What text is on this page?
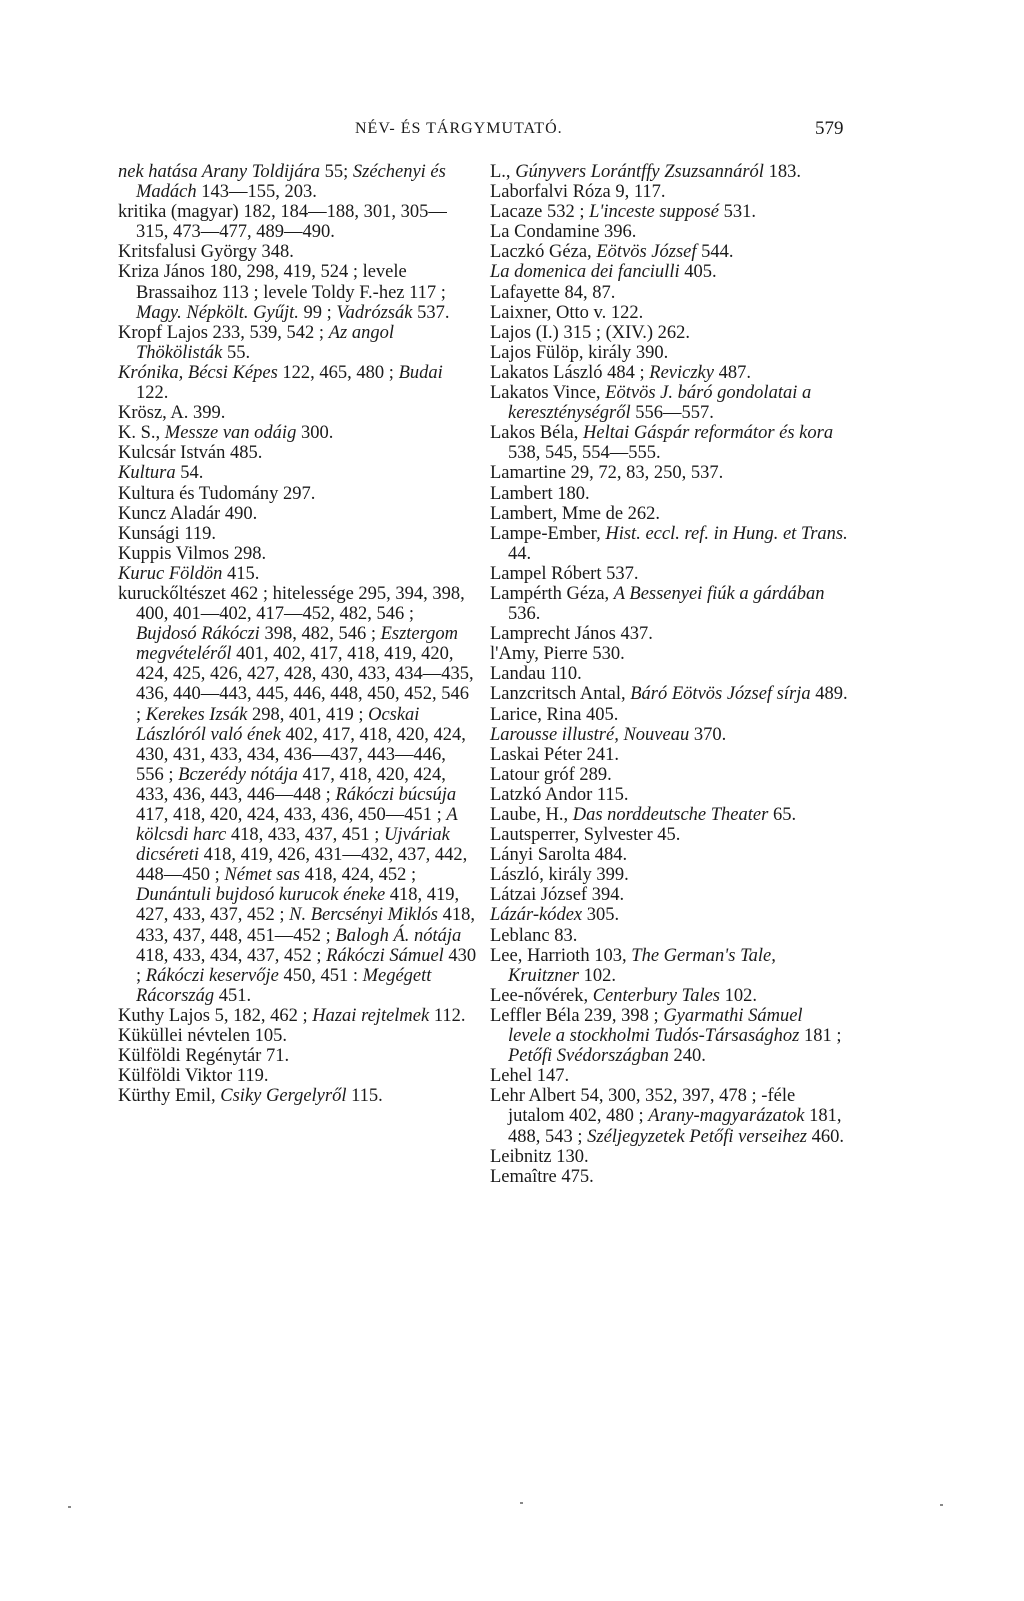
NÉV- ÉS TÁRGYMUTATÓ.	579
nek hatása Arany Toldijára 55; Széchenyi és Madách 143—155, 203.
kritika (magyar) 182, 184—188, 301, 305—315, 473—477, 489—490.
Kritsfalusi György 348.
Kriza János 180, 298, 419, 524 ; levele Brassaihoz 113 ; levele Toldy F.-hez 117 ; Magy. Népkölt. Gyűjt. 99 ; Vadrózsák 537.
Kropf Lajos 233, 539, 542 ; Az angol Thökölisták 55.
Krónika, Bécsi Képes 122, 465, 480 ; Budai 122.
Krösz, A. 399.
K. S., Messze van odáig 300.
Kulcsár István 485.
Kultura 54.
Kultura és Tudomány 297.
Kuncz Aladár 490.
Kunsági 119.
Kuppis Vilmos 298.
Kuruc Földön 415.
kuruckőltészet 462 ; hitelessége 295, 394, 398, 400, 401—402, 417—452, 482, 546 ; Bujdosó Rákóczi 398, 482, 546 ; Esztergom megvételéről 401, 402, 417, 418, 419, 420, 424, 425, 426, 427, 428, 430, 433, 434—435, 436, 440—443, 445, 446, 448, 450, 452, 546 ; Kerekes Izsák 298, 401, 419 ; Ocskai Lászlóról való ének 402, 417, 418, 420, 424, 430, 431, 433, 434, 436—437, 443—446, 556 ; Bczerédy nótája 417, 418, 420, 424, 433, 436, 443, 446—448 ; Rákóczi búcsúja 417, 418, 420, 424, 433, 436, 450—451 ; A kölcsdi harc 418, 433, 437, 451 ; Ujváriak dicséreti 418, 419, 426, 431—432, 437, 442, 448—450 ; Német sas 418, 424, 452 ; Dunántuli bujdosó kurucok éneke 418, 419, 427, 433, 437, 452 ; N. Bercsényi Miklós 418, 433, 437, 448, 451—452 ; Balogh Á. nótája 418, 433, 434, 437, 452 ; Rákóczi Sámuel 430 ; Rákóczi keservője 450, 451 : Megégett Rácország 451.
Kuthy Lajos 5, 182, 462 ; Hazai rejtelmek 112.
Küküllei névtelen 105.
Külföldi Regénytár 71.
Külföldi Viktor 119.
Kürthy Emil, Csiky Gergelyről 115.
L., Gúnyvers Lorántffy Zsuzsannáról 183.
Laborfalvi Róza 9, 117.
Lacaze 532 ; L'inceste supposé 531.
La Condamine 396.
Laczkó Géza, Eötvös József 544.
La domenica dei fanciulli 405.
Lafayette 84, 87.
Laixner, Otto v. 122.
Lajos (I.) 315 ; (XIV.) 262.
Lajos Fülöp, király 390.
Lakatos László 484 ; Reviczky 487.
Lakatos Vince, Eötvös J. báró gondolatai a kereszténységről 556—557.
Lakos Béla, Heltai Gáspár reformátor és kora 538, 545, 554—555.
Lamartine 29, 72, 83, 250, 537.
Lambert 180.
Lambert, Mme de 262.
Lampe-Ember, Hist. eccl. ref. in Hung. et Trans. 44.
Lampel Róbert 537.
Lampérth Géza, A Bessenyei fiúk a gárdában 536.
Lamprecht János 437.
l'Amy, Pierre 530.
Landau 110.
Lanzcritsch Antal, Báró Eötvös József sírja 489.
Larice, Rina 405.
Larousse illustré, Nouveau 370.
Laskai Péter 241.
Latour gróf 289.
Latzkó Andor 115.
Laube, H., Das norddeutsche Theater 65.
Lautsperrer, Sylvester 45.
Lányi Sarolta 484.
László, király 399.
Látzai József 394.
Lázár-kódex 305.
Leblanc 83.
Lee, Harrioth 103, The German's Tale, Kruitzner 102.
Lee-nővérek, Centerbury Tales 102.
Leffler Béla 239, 398 ; Gyarmathi Sámuel levele a stockholmi Tudós-Társasághoz 181 ; Petőfi Svédországban 240.
Lehel 147.
Lehr Albert 54, 300, 352, 397, 478 ; -féle jutalom 402, 480 ; Arany-magyarázatok 181, 488, 543 ; Széljegyzetek Petőfi verseihez 460.
Leibnitz 130.
Lemaître 475.
